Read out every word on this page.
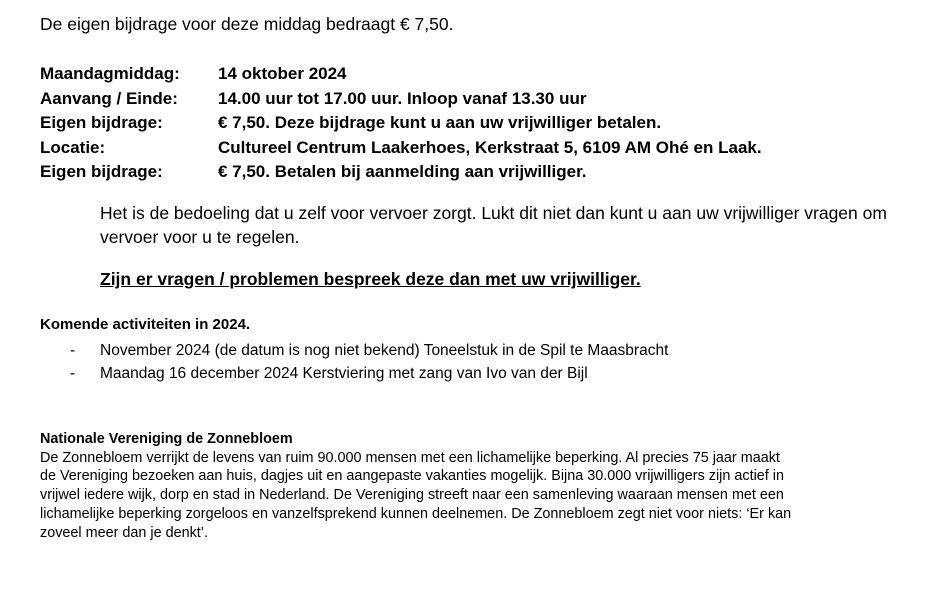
De eigen bijdrage voor deze middag bedraagt € 7,50.
Maandagmiddag:	14 oktober 2024
Aanvang / Einde:	14.00 uur tot 17.00 uur. Inloop vanaf 13.30 uur
Eigen bijdrage:	€ 7,50. Deze bijdrage kunt u aan uw vrijwilliger betalen.
Locatie:	Cultureel Centrum Laakerhoes, Kerkstraat 5, 6109 AM Ohé en Laak.
Eigen bijdrage:	€ 7,50. Betalen bij aanmelding aan vrijwilliger.
Het is de bedoeling dat u zelf voor vervoer zorgt. Lukt dit niet dan kunt u aan uw vrijwilliger vragen om vervoer voor u te regelen.
Zijn er vragen / problemen bespreek deze dan met uw vrijwilliger.
Komende activiteiten in 2024.
-	November 2024 (de datum is nog niet bekend) Toneelstuk in de Spil te Maasbracht
-	Maandag 16 december 2024 Kerstviering met zang van Ivo van der Bijl
Nationale Vereniging de Zonnebloem
De Zonnebloem verrijkt de levens van ruim 90.000 mensen met een lichamelijke beperking. Al precies 75 jaar maakt
de Vereniging bezoeken aan huis, dagjes uit en aangepaste vakanties mogelijk. Bijna 30.000 vrijwilligers zijn actief in
vrijwel iedere wijk, dorp en stad in Nederland. De Vereniging streeft naar een samenleving waaraan mensen met een
lichamelijke beperking zorgeloos en vanzelfsprekend kunnen deelnemen. De Zonnebloem zegt niet voor niets: ‘Er kan
zoveel meer dan je denkt’.
